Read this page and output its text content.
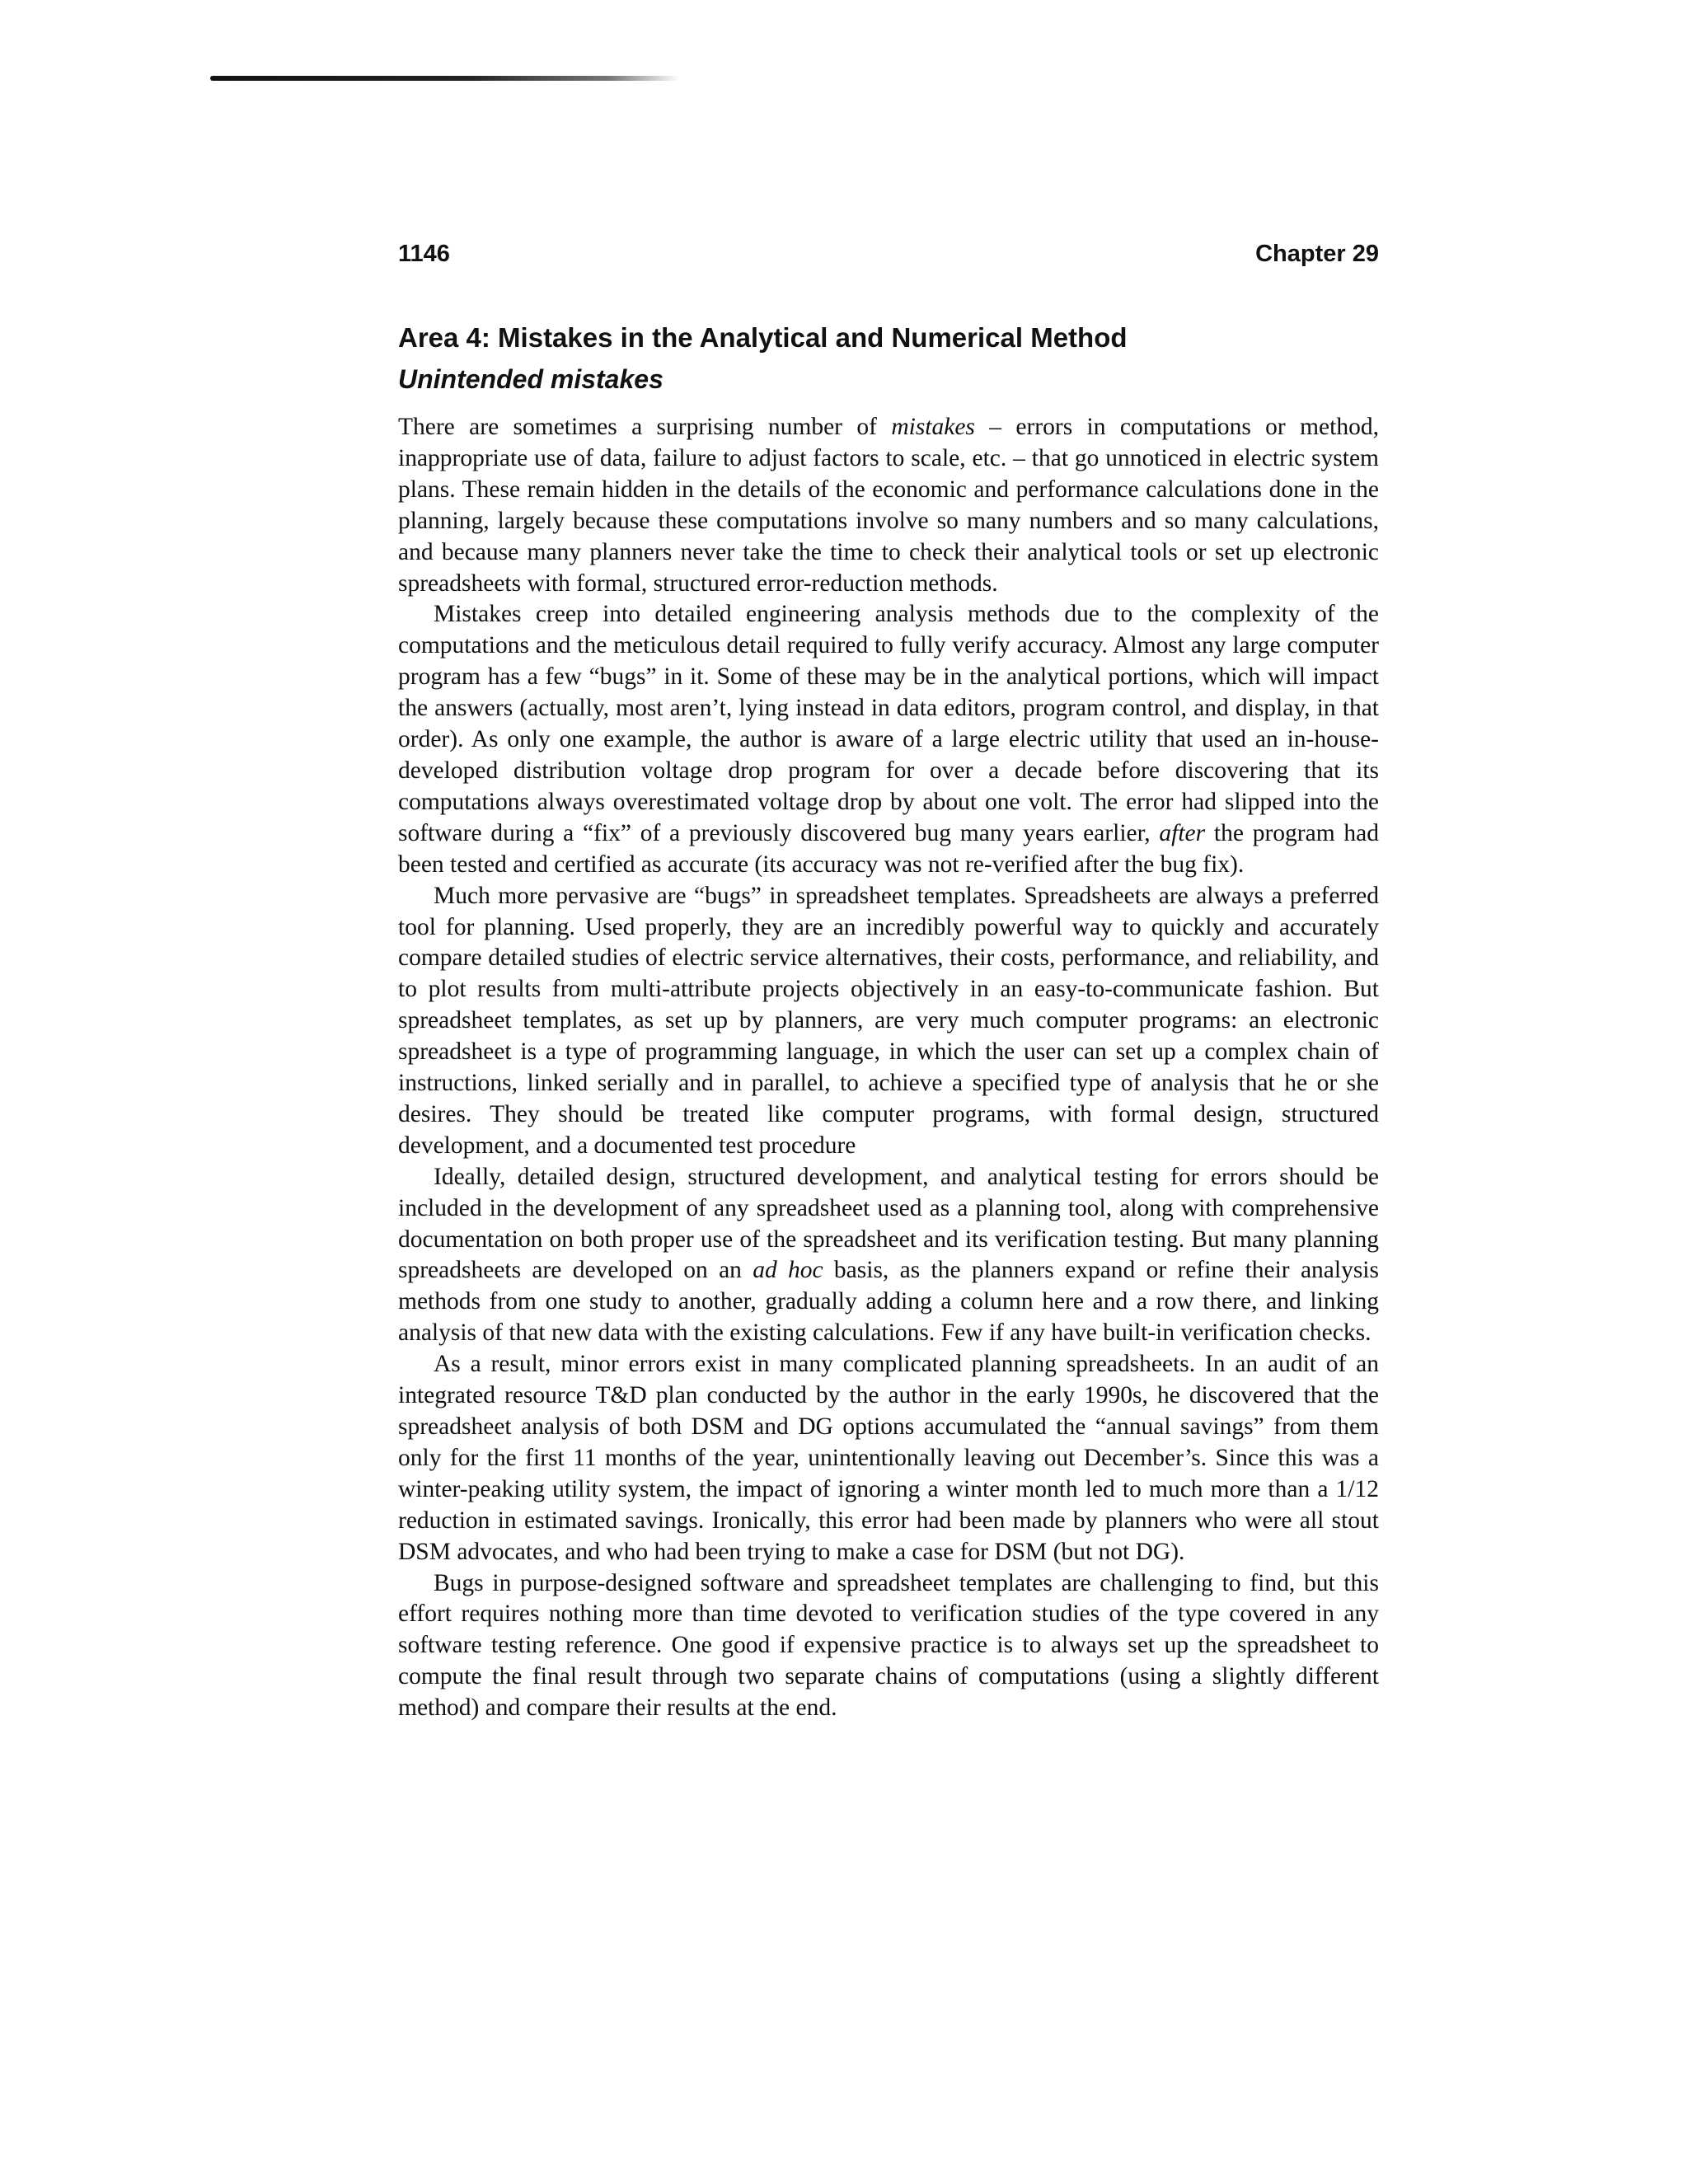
1146	Chapter 29
Area 4: Mistakes in the Analytical and Numerical Method
Unintended mistakes

There are sometimes a surprising number of mistakes – errors in computations or method, inappropriate use of data, failure to adjust factors to scale, etc. – that go unnoticed in electric system plans. These remain hidden in the details of the economic and performance calculations done in the planning, largely because these computations involve so many numbers and so many calculations, and because many planners never take the time to check their analytical tools or set up electronic spreadsheets with formal, structured error-reduction methods.

Mistakes creep into detailed engineering analysis methods due to the complexity of the computations and the meticulous detail required to fully verify accuracy. Almost any large computer program has a few “bugs” in it. Some of these may be in the analytical portions, which will impact the answers (actually, most aren’t, lying instead in data editors, program control, and display, in that order). As only one example, the author is aware of a large electric utility that used an in-house-developed distribution voltage drop program for over a decade before discovering that its computations always overestimated voltage drop by about one volt. The error had slipped into the software during a “fix” of a previously discovered bug many years earlier, after the program had been tested and certified as accurate (its accuracy was not re-verified after the bug fix).

Much more pervasive are “bugs” in spreadsheet templates. Spreadsheets are always a preferred tool for planning. Used properly, they are an incredibly powerful way to quickly and accurately compare detailed studies of electric service alternatives, their costs, performance, and reliability, and to plot results from multi-attribute projects objectively in an easy-to-communicate fashion. But spreadsheet templates, as set up by planners, are very much computer programs: an electronic spreadsheet is a type of programming language, in which the user can set up a complex chain of instructions, linked serially and in parallel, to achieve a specified type of analysis that he or she desires. They should be treated like computer programs, with formal design, structured development, and a documented test procedure

Ideally, detailed design, structured development, and analytical testing for errors should be included in the development of any spreadsheet used as a planning tool, along with comprehensive documentation on both proper use of the spreadsheet and its verification testing. But many planning spreadsheets are developed on an ad hoc basis, as the planners expand or refine their analysis methods from one study to another, gradually adding a column here and a row there, and linking analysis of that new data with the existing calculations. Few if any have built-in verification checks.

As a result, minor errors exist in many complicated planning spreadsheets. In an audit of an integrated resource T&D plan conducted by the author in the early 1990s, he discovered that the spreadsheet analysis of both DSM and DG options accumulated the “annual savings” from them only for the first 11 months of the year, unintentionally leaving out December’s. Since this was a winter-peaking utility system, the impact of ignoring a winter month led to much more than a 1/12 reduction in estimated savings. Ironically, this error had been made by planners who were all stout DSM advocates, and who had been trying to make a case for DSM (but not DG).

Bugs in purpose-designed software and spreadsheet templates are challenging to find, but this effort requires nothing more than time devoted to verification studies of the type covered in any software testing reference. One good if expensive practice is to always set up the spreadsheet to compute the final result through two separate chains of computations (using a slightly different method) and compare their results at the end.
